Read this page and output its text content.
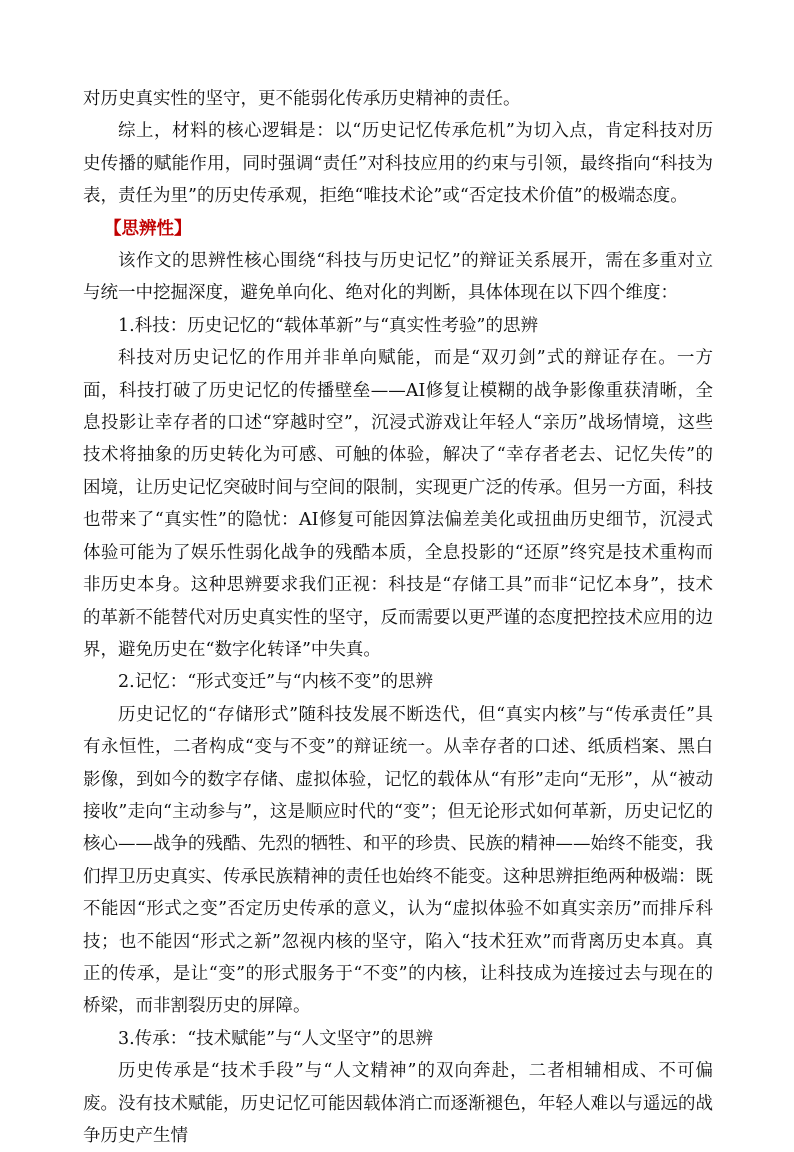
对历史真实性的坚守，更不能弱化传承历史精神的责任。

综上，材料的核心逻辑是：以“历史记忆传承危机”为切入点，肯定科技对历史传播的赋能作用，同时强调“责任”对科技应用的约束与引领，最终指向“科技为表，责任为里”的历史传承观，拒绝“唯技术论”或“否定技术价值”的极端态度。

【思辨性】

该作文的思辨性核心围绕“科技与历史记忆”的辩证关系展开，需在多重对立与统一中挖掘深度，避免单向化、绝对化的判断，具体体现在以下四个维度：

1.科技：历史记忆的“载体革新”与“真实性考验”的思辨

科技对历史记忆的作用并非单向赋能，而是“双刃剑”式的辩证存在。一方面，科技打破了历史记忆的传播壁垒——AI修复让模糊的战争影像重获清晰，全息投影让幸存者的口述“穿越时空”，沉浸式游戏让年轻人“亲历”战场情境，这些技术将抽象的历史转化为可感、可触的体验，解决了“幸存者老去、记忆失传”的困境，让历史记忆突破时间与空间的限制，实现更广泛的传承。但另一方面，科技也带来了“真实性”的隐忧：AI修复可能因算法偏差美化或扭曲历史细节，沉浸式体验可能为了娱乐性弱化战争的残酷本质，全息投影的“还原”终究是技术重构而非历史本身。这种思辨要求我们正视：科技是“存储工具”而非“记忆本身”，技术的革新不能替代对历史真实性的坚守，反而需要以更严谨的态度把控技术应用的边界，避免历史在“数字化转译”中失真。

2.记忆：“形式变迁”与“内核不变”的思辨

历史记忆的“存储形式”随科技发展不断迭代，但“真实内核”与“传承责任”具有永恒性，二者构成“变与不变”的辩证统一。从幸存者的口述、纸质档案、黑白影像，到如今的数字存储、虚拟体验，记忆的载体从“有形”走向“无形”，从“被动接收”走向“主动参与”，这是顺应时代的“变”；但无论形式如何革新，历史记忆的核心——战争的残酷、先烈的牺牲、和平的珍贵、民族的精神——始终不能变，我们捍卫历史真实、传承民族精神的责任也始终不能变。这种思辨拒绝两种极端：既不能因“形式之变”否定历史传承的意义，认为“虚拟体验不如真实亲历”而排斥科技；也不能因“形式之新”忽视内核的坚守，陷入“技术狂欢”而背离历史本真。真正的传承，是让“变”的形式服务于“不变”的内核，让科技成为连接过去与现在的桥梁，而非割裂历史的屏障。

3.传承：“技术赋能”与“人文坚守”的思辨

历史传承是“技术手段”与“人文精神”的双向奔赴，二者相辅相成、不可偏废。没有技术赋能，历史记忆可能因载体消亡而逐渐褪色，年轻人难以与遥远的战争历史产生情
